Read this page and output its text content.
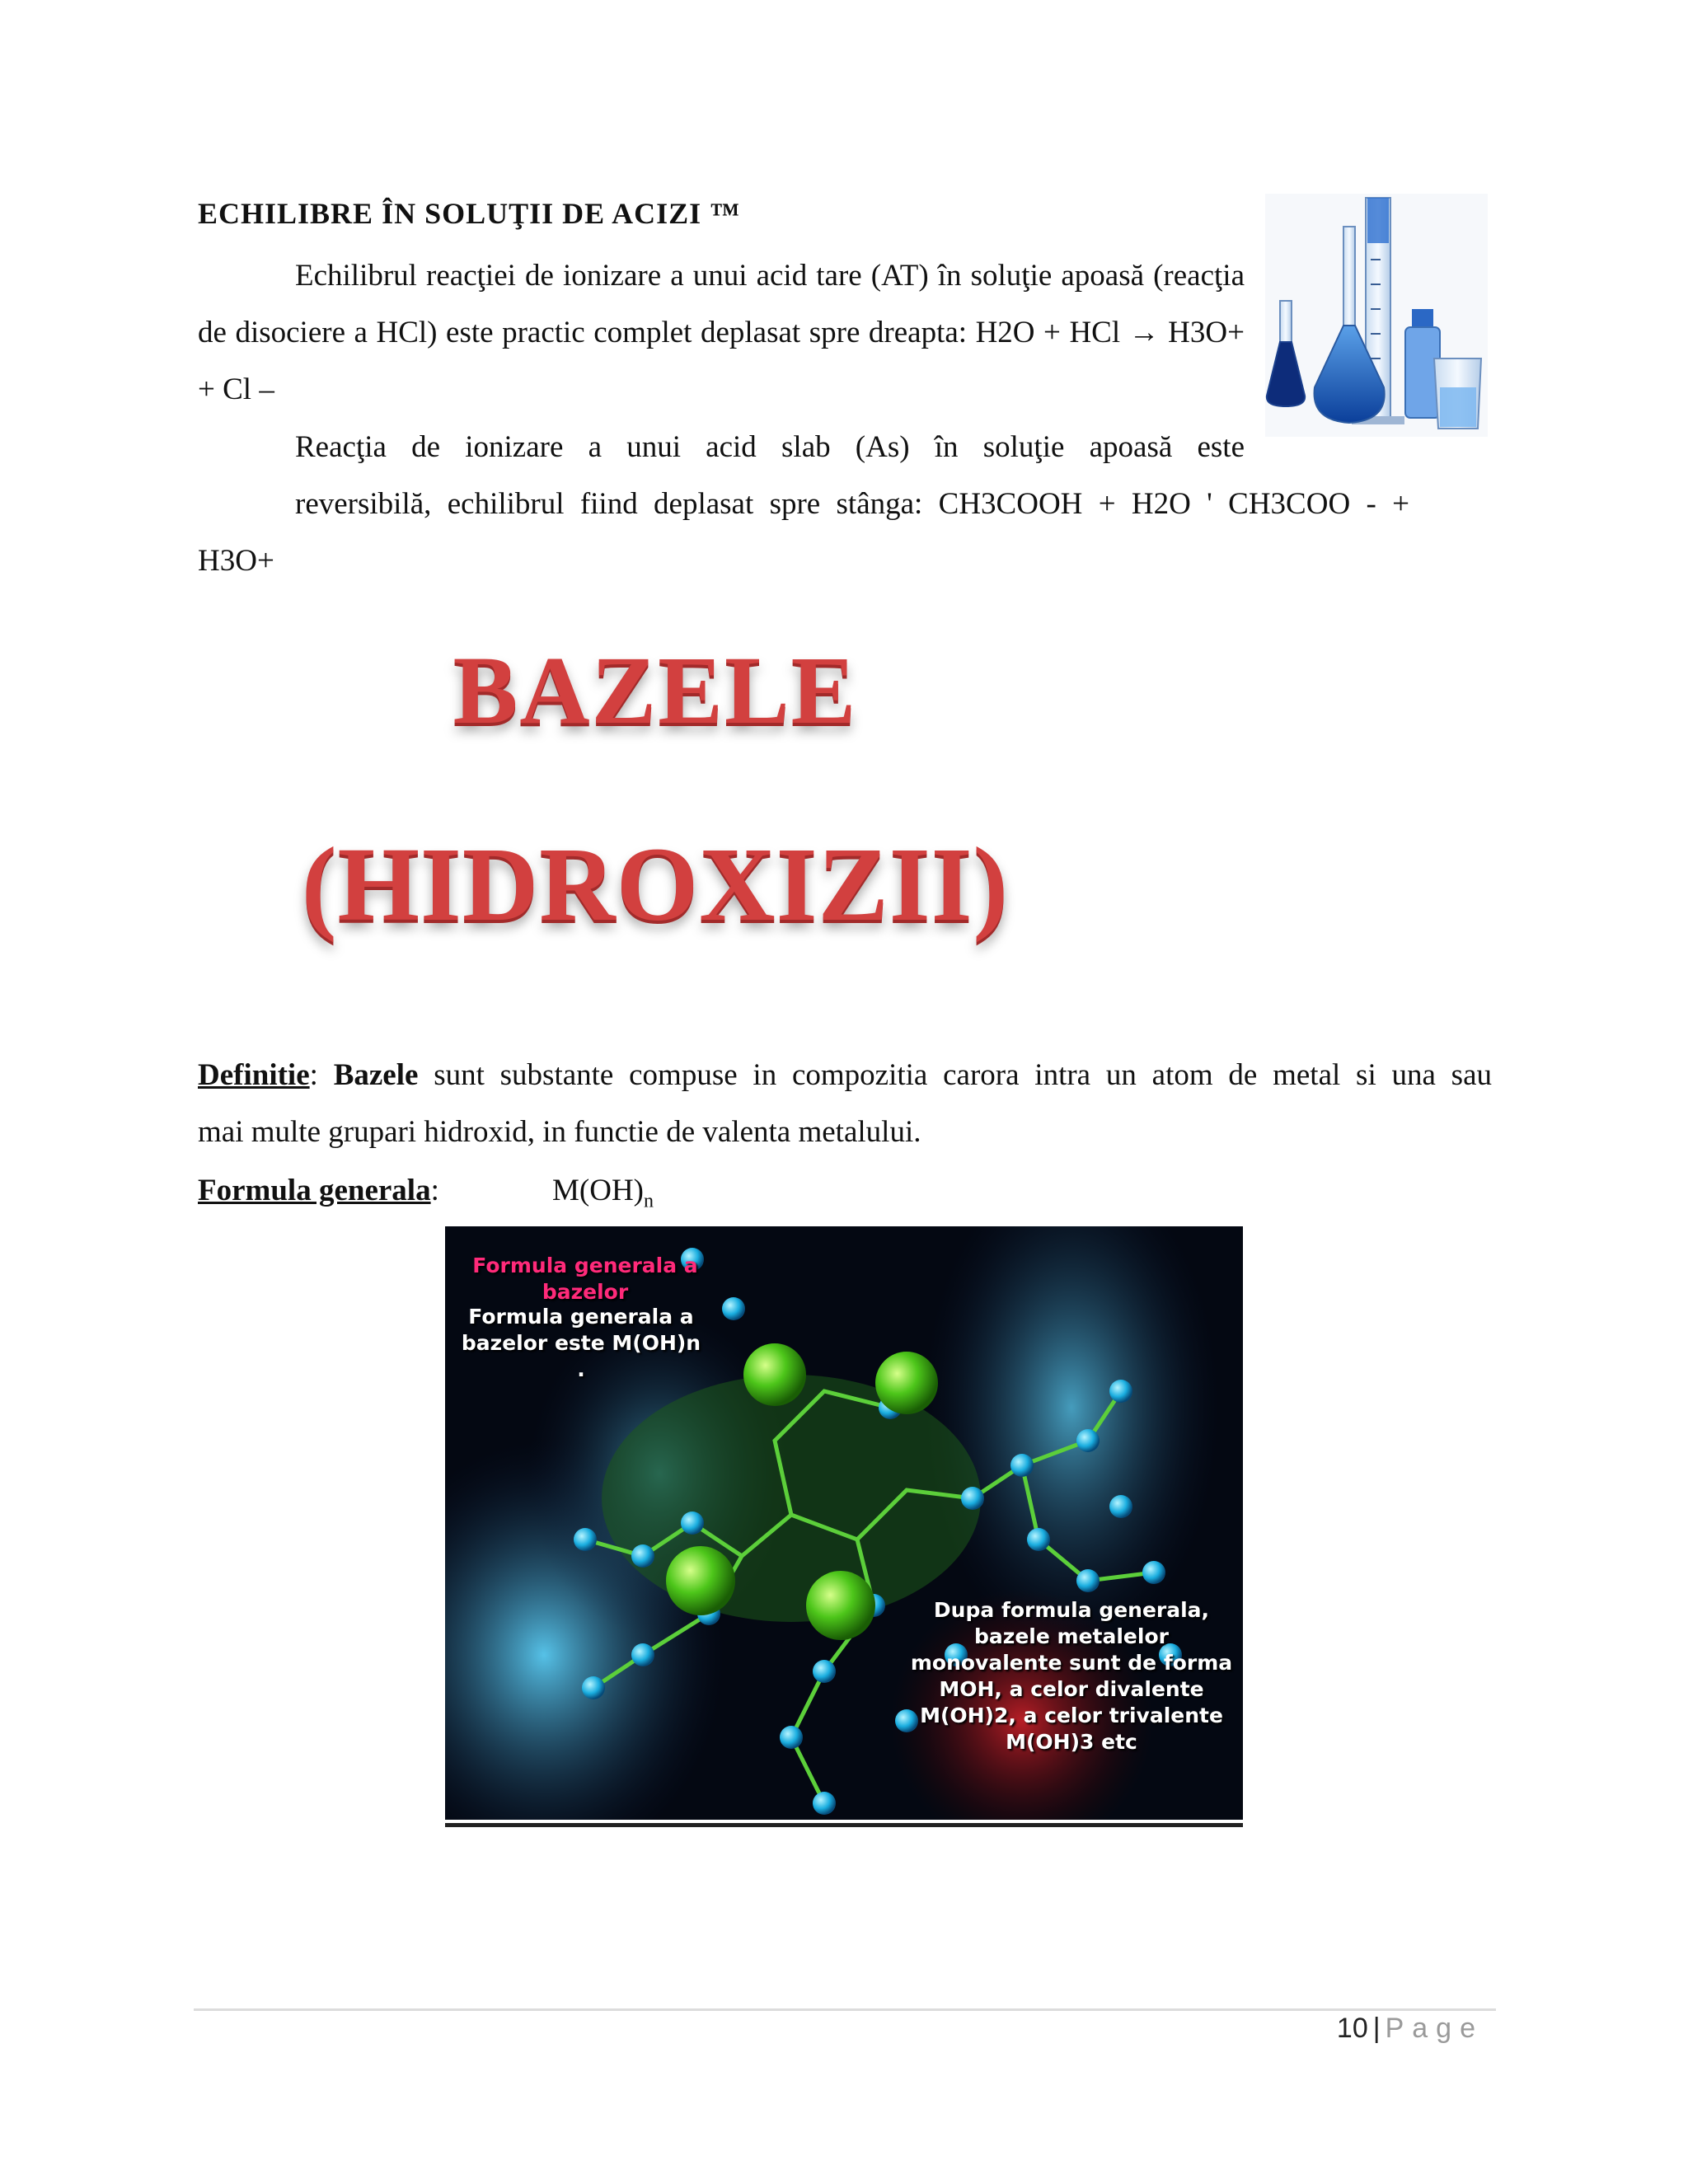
ECHILIBRE ÎN SOLUŢII DE ACIZI ™
Echilibrul reacţiei de ionizare a unui acid tare (AT) în soluţie apoasă (reacţia de disociere a HCl) este practic complet deplasat spre dreapta: H2O + HCl → H3O+ + Cl –
Reacţia de ionizare a unui acid slab (As) în soluţie apoasă este
reversibilă, echilibrul fiind deplasat spre stânga: CH3COOH + H2O ' CH3COO - + H3O+
BAZELE
(HIDROXIZII)
Definitie: Bazele sunt substante compuse in compozitia carora intra un atom de metal si una sau
mai multe grupari hidroxid, in functie de valenta metalului.
Formula generala:	$M(OH)_n$
Formula generala a bazelor
Formula generala a bazelor este M(OH)n .
Dupa formula generala, bazele metalelor monovalente sunt de forma MOH, a celor divalente M(OH)2, a celor trivalente M(OH)3 etc
10 | Page
